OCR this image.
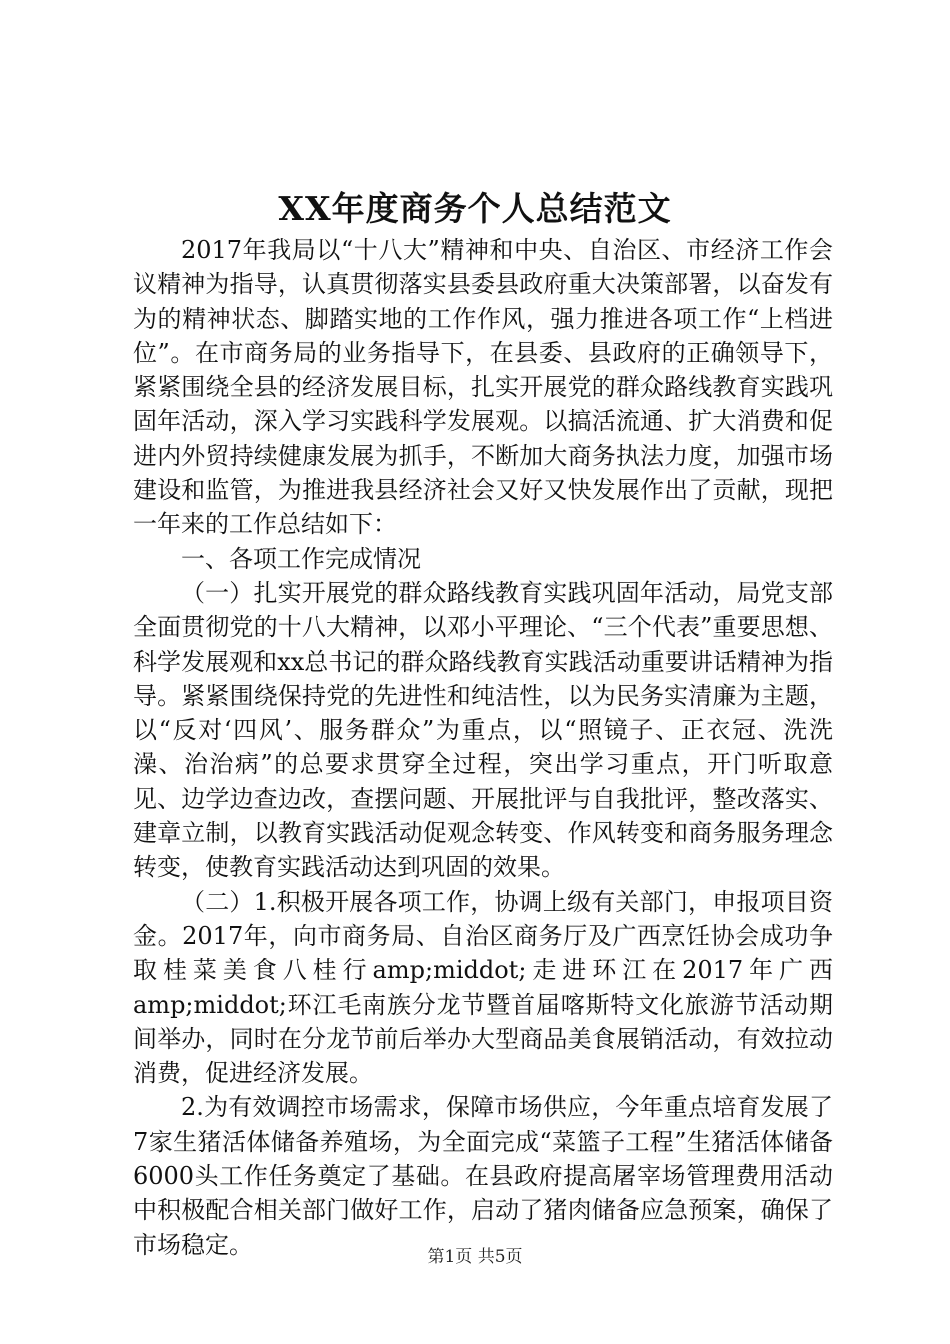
XX年度商务个人总结范文

2017年我局以“十八大”精神和中央、自治区、市经济工作会议精神为指导，认真贯彻落实县委县政府重大决策部署，以奋发有为的精神状态、脚踏实地的工作作风，强力推进各项工作“上档进位”。在市商务局的业务指导下，在县委、县政府的正确领导下，紧紧围绕全县的经济发展目标，扎实开展党的群众路线教育实践巩固年活动，深入学习实践科学发展观。以搞活流通、扩大消费和促进内外贸持续健康发展为抓手，不断加大商务执法力度，加强市场建设和监管，为推进我县经济社会又好又快发展作出了贡献，现把一年来的工作总结如下：

一、各项工作完成情况

（一）扎实开展党的群众路线教育实践巩固年活动，局党支部全面贯彻党的十八大精神，以邓小平理论、“三个代表”重要思想、科学发展观和xx总书记的群众路线教育实践活动重要讲话精神为指导。紧紧围绕保持党的先进性和纯洁性，以为民务实清廉为主题，以“反对‘四风’、服务群众”为重点，以“照镜子、正衣冠、洗洗澡、治治病”的总要求贯穿全过程，突出学习重点，开门听取意见、边学边查边改，查摆问题、开展批评与自我批评，整改落实、建章立制，以教育实践活动促观念转变、作风转变和商务服务理念转变，使教育实践活动达到巩固的效果。

（二）1.积极开展各项工作，协调上级有关部门，申报项目资金。2017年，向市商务局、自治区商务厅及广西烹饪协会成功争取桂菜美食八桂行amp;middot;走进环江在2017年广西amp;middot;环江毛南族分龙节暨首届喀斯特文化旅游节活动期间举办，同时在分龙节前后举办大型商品美食展销活动，有效拉动消费，促进经济发展。

2.为有效调控市场需求，保障市场供应，今年重点培育发展了7家生猪活体储备养殖场，为全面完成“菜篮子工程”生猪活体储备6000头工作任务奠定了基础。在县政府提高屠宰场管理费用活动中积极配合相关部门做好工作，启动了猪肉储备应急预案，确保了市场稳定。	第1页 共5页
